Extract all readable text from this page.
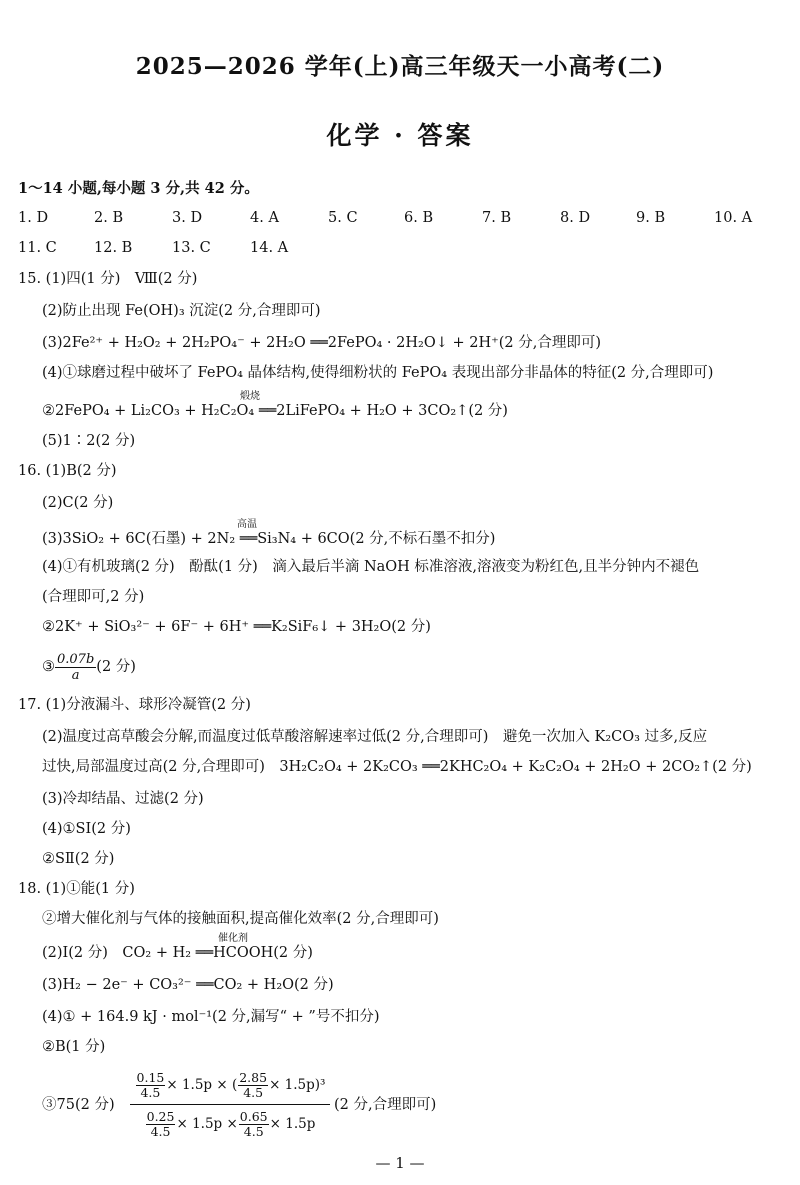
2025—2026 学年(上)高三年级天一小高考(二)
化学 · 答案
1～14 小题,每小题 3 分,共 42 分。
1. D	2. B	3. D	4. A	5. C	6. B	7. B	8. D	9. B	10. A
11. C	12. B	13. C	14. A
15. (1)四(1 分)　Ⅷ(2 分)
(2)防止出现 Fe(OH)₃ 沉淀(2 分,合理即可)
(3)2Fe²⁺ + H₂O₂ + 2H₂PO₄⁻ + 2H₂O ══2FePO₄ · 2H₂O↓ + 2H⁺(2 分,合理即可)
(4)①球磨过程中破坏了 FePO₄ 晶体结构,使得细粉状的 FePO₄ 表现出部分非晶体的特征(2 分,合理即可)
煅烧
②2FePO₄ + Li₂CO₃ + H₂C₂O₄ ══2LiFePO₄ + H₂O + 3CO₂↑(2 分)
(5)1∶2(2 分)
16. (1)B(2 分)
(2)C(2 分)
高温
(3)3SiO₂ + 6C(石墨) + 2N₂ ══Si₃N₄ + 6CO(2 分,不标石墨不扣分)
(4)①有机玻璃(2 分)　酚酞(1 分)　滴入最后半滴 NaOH 标准溶液,溶液变为粉红色,且半分钟内不褪色
(合理即可,2 分)
②2K⁺ + SiO₃²⁻ + 6F⁻ + 6H⁺ ══K₂SiF₆↓ + 3H₂O(2 分)
③ $\frac{0.07b}{a} (2$ 分)
17. (1)分液漏斗、球形冷凝管(2 分)
(2)温度过高草酸会分解,而温度过低草酸溶解速率过低(2 分,合理即可)　避免一次加入 K₂CO₃ 过多,反应
过快,局部温度过高(2 分,合理即可)　3H₂C₂O₄ + 2K₂CO₃ ══2KHC₂O₄ + K₂C₂O₄ + 2H₂O + 2CO₂↑(2 分)
(3)冷却结晶、过滤(2 分)
(4)①SⅠ(2 分)
②SⅡ(2 分)
18. (1)①能(1 分)
②增大催化剂与气体的接触面积,提高催化效率(2 分,合理即可)
催化剂
(2)Ⅰ(2 分)　CO₂ + H₂ ══HCOOH(2 分)
(3)H₂ − 2e⁻ + CO₃²⁻ ══CO₂ + H₂O(2 分)
(4)① + 164.9 kJ · mol⁻¹(2 分,漏写“ + ”号不扣分)
②B(1 分)
③75(2 分) $\frac{\frac{0.15}{4.5} \times 1.5p \times ( \frac{2.85}{4.5} \times 1.5p)^3}{\frac{0.25}{4.5} \times 1.5p \times \frac{0.65}{4.5} \times 1.5p} (2$ 分,合理即可)
— 1 —
